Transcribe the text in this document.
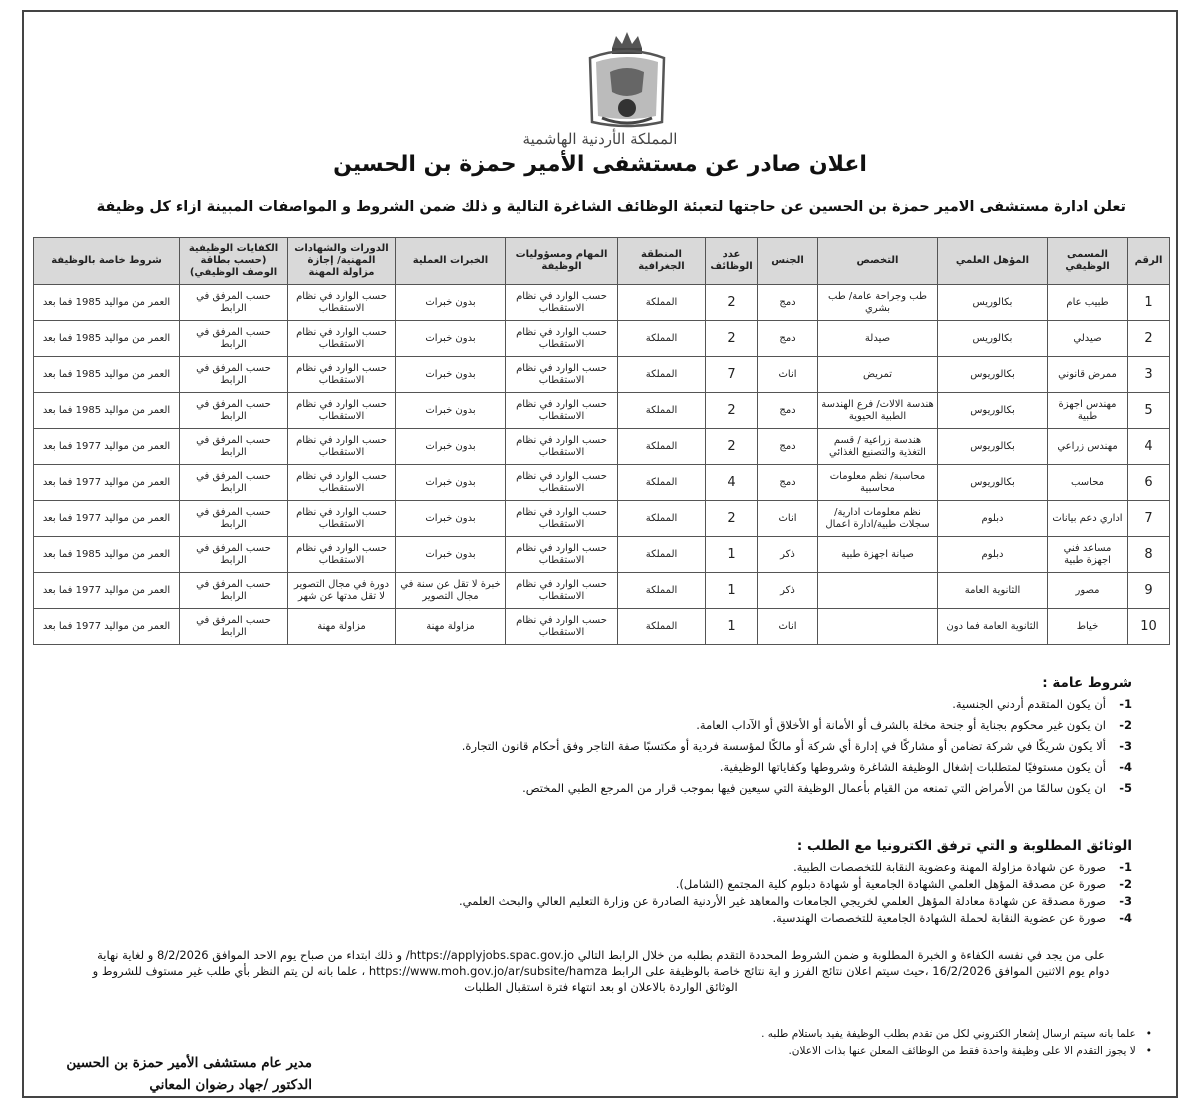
المملكة الأردنية الهاشمية
اعلان صادر عن مستشفى الأمير حمزة بن الحسين
تعلن ادارة مستشفى الامير حمزة بن الحسين عن حاجتها لتعبئة الوظائف الشاغرة التالية و ذلك ضمن الشروط و المواصفات المبينة ازاء كل وظيفة
الرقم	المسمى الوظيفي	المؤهل العلمي	التخصص	الجنس	عدد الوظائف	المنطقة الجغرافية	المهام ومسؤوليات الوظيفة	الخبرات العملية	الدورات والشهادات المهنية/ إجازة مزاولة المهنة	الكفايات الوظيفية (حسب بطاقة الوصف الوظيفي)	شروط خاصة بالوظيفة
1	طبيب عام	بكالوريس	طب وجراحة عامة/ طب بشري	دمج	2	المملكة	حسب الوارد في نظام الاستقطاب	بدون خبرات	حسب الوارد في نظام الاستقطاب	حسب المرفق في الرابط	العمر من مواليد 1985 فما بعد
2	صيدلي	بكالوريس	صيدلة	دمج	2	المملكة	حسب الوارد في نظام الاستقطاب	بدون خبرات	حسب الوارد في نظام الاستقطاب	حسب المرفق في الرابط	العمر من مواليد 1985 فما بعد
3	ممرض قانوني	بكالوريوس	تمريض	اناث	7	المملكة	حسب الوارد في نظام الاستقطاب	بدون خبرات	حسب الوارد في نظام الاستقطاب	حسب المرفق في الرابط	العمر من مواليد 1985 فما بعد
5	مهندس اجهزة طبية	بكالوريوس	هندسة الالات/ فرع الهندسة الطبية الحيوية	دمج	2	المملكة	حسب الوارد في نظام الاستقطاب	بدون خبرات	حسب الوارد في نظام الاستقطاب	حسب المرفق في الرابط	العمر من مواليد 1985 فما بعد
4	مهندس زراعي	بكالوريوس	هندسة زراعية / قسم التغذية والتصنيع الغذائي	دمج	2	المملكة	حسب الوارد في نظام الاستقطاب	بدون خبرات	حسب الوارد في نظام الاستقطاب	حسب المرفق في الرابط	العمر من مواليد 1977 فما بعد
6	محاسب	بكالوريوس	محاسبة/ نظم معلومات محاسبية	دمج	4	المملكة	حسب الوارد في نظام الاستقطاب	بدون خبرات	حسب الوارد في نظام الاستقطاب	حسب المرفق في الرابط	العمر من مواليد 1977 فما بعد
7	اداري دعم بيانات	دبلوم	نظم معلومات ادارية/سجلات طبية/ادارة اعمال	اناث	2	المملكة	حسب الوارد في نظام الاستقطاب	بدون خبرات	حسب الوارد في نظام الاستقطاب	حسب المرفق في الرابط	العمر من مواليد 1977 فما بعد
8	مساعد فني اجهزة طبية	دبلوم	صيانة اجهزة طبية	ذكر	1	المملكة	حسب الوارد في نظام الاستقطاب	بدون خبرات	حسب الوارد في نظام الاستقطاب	حسب المرفق في الرابط	العمر من مواليد 1985 فما بعد
9	مصور	الثانوية العامة		ذكر	1	المملكة	حسب الوارد في نظام الاستقطاب	خبرة لا تقل عن سنة في مجال التصوير	دورة في مجال التصوير لا تقل مدتها عن شهر	حسب المرفق في الرابط	العمر من مواليد 1977 فما بعد
10	خياط	الثانوية العامة فما دون		اناث	1	المملكة	حسب الوارد في نظام الاستقطاب	مزاولة مهنة	مزاولة مهنة	حسب المرفق في الرابط	العمر من مواليد 1977 فما بعد
شروط عامة :
1-أن يكون المتقدم أردني الجنسية.
2-ان يكون غير محكوم بجناية أو جنحة مخلة بالشرف أو الأمانة أو الأخلاق أو الآداب العامة.
3-ألا يكون شريكًا في شركة تضامن أو مشاركًا في إدارة أي شركة أو مالكًا لمؤسسة فردية أو مكتسبًا صفة التاجر وفق أحكام قانون التجارة.
4-أن يكون مستوفيًا لمتطلبات إشغال الوظيفة الشاغرة وشروطها وكفاياتها الوظيفية.
5-ان يكون سالمًا من الأمراض التي تمنعه من القيام بأعمال الوظيفة التي سيعين فيها بموجب قرار من المرجع الطبي المختص.
الوثائق المطلوبة و التي ترفق الكترونيا مع الطلب :
1-صورة عن شهادة مزاولة المهنة وعضوية النقابة للتخصصات الطبية.
2-صورة عن مصدقة المؤهل العلمي الشهادة الجامعية أو شهادة دبلوم كلية المجتمع (الشامل).
3-صورة مصدقة عن شهادة معادلة المؤهل العلمي لخريجي الجامعات والمعاهد غير الأردنية الصادرة عن وزارة التعليم العالي والبحث العلمي.
4-صورة عن عضوية النقابة لحملة الشهادة الجامعية للتخصصات الهندسية.
على من يجد في نفسه الكفاءة و الخبرة المطلوبة و ضمن الشروط المحددة التقدم بطلبه من خلال الرابط التالي https://applyjobs.spac.gov.jo/ و ذلك ابتداء من صباح يوم الاحد الموافق 8/2/2026 و لغاية نهاية
دوام يوم الاثنين الموافق 16/2/2026 ،حيث سيتم اعلان نتائج الفرز و اية نتائج خاصة بالوظيفة على الرابط https://www.moh.gov.jo/ar/subsite/hamza ، علما بانه لن يتم النظر بأي طلب غير مستوف للشروط و
الوثائق الواردة بالاعلان او بعد انتهاء فترة استقبال الطلبات
• علما بانه سيتم ارسال إشعار الكتروني لكل من تقدم بطلب الوظيفة يفيد باستلام طلبه .
• لا يجوز التقدم الا على وظيفة واحدة فقط من الوظائف المعلن عنها بذات الاعلان.
مدير عام مستشفى الأمير حمزة بن الحسين
الدكتور /جهاد رضوان المعاني
